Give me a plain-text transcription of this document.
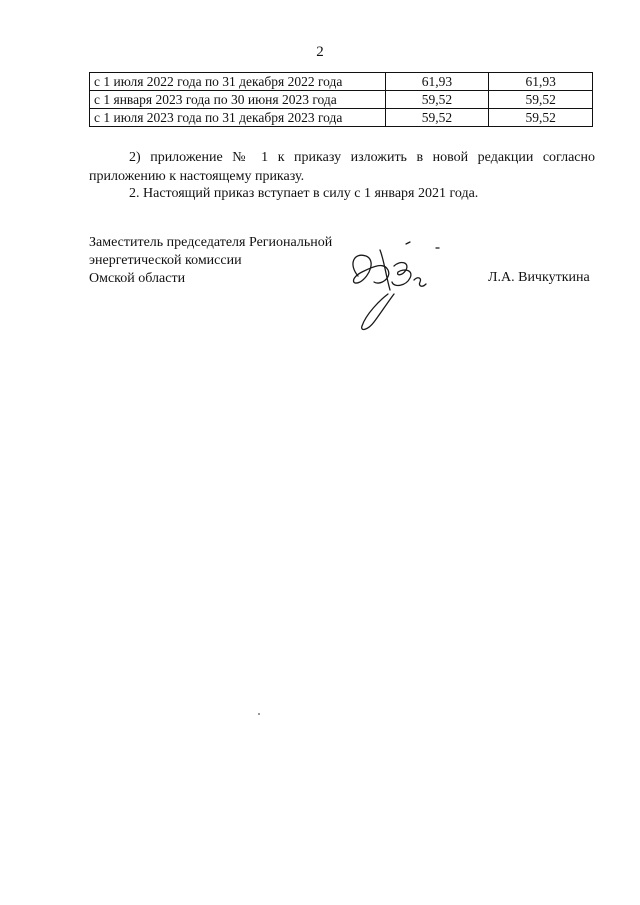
2
с 1 июля 2022 года по 31 декабря 2022 года	61,93	61,93
с 1 января 2023 года по 30 июня 2023 года	59,52	59,52
с 1 июля 2023 года по 31 декабря 2023 года	59,52	59,52

2) приложение № 1 к приказу изложить в новой редакции согласно приложению к настоящему приказу.

2. Настоящий приказ вступает в силу с 1 января 2021 года.

Заместитель председателя Региональной
энергетической комиссии
Омской области	Л.А. Вичкуткина
